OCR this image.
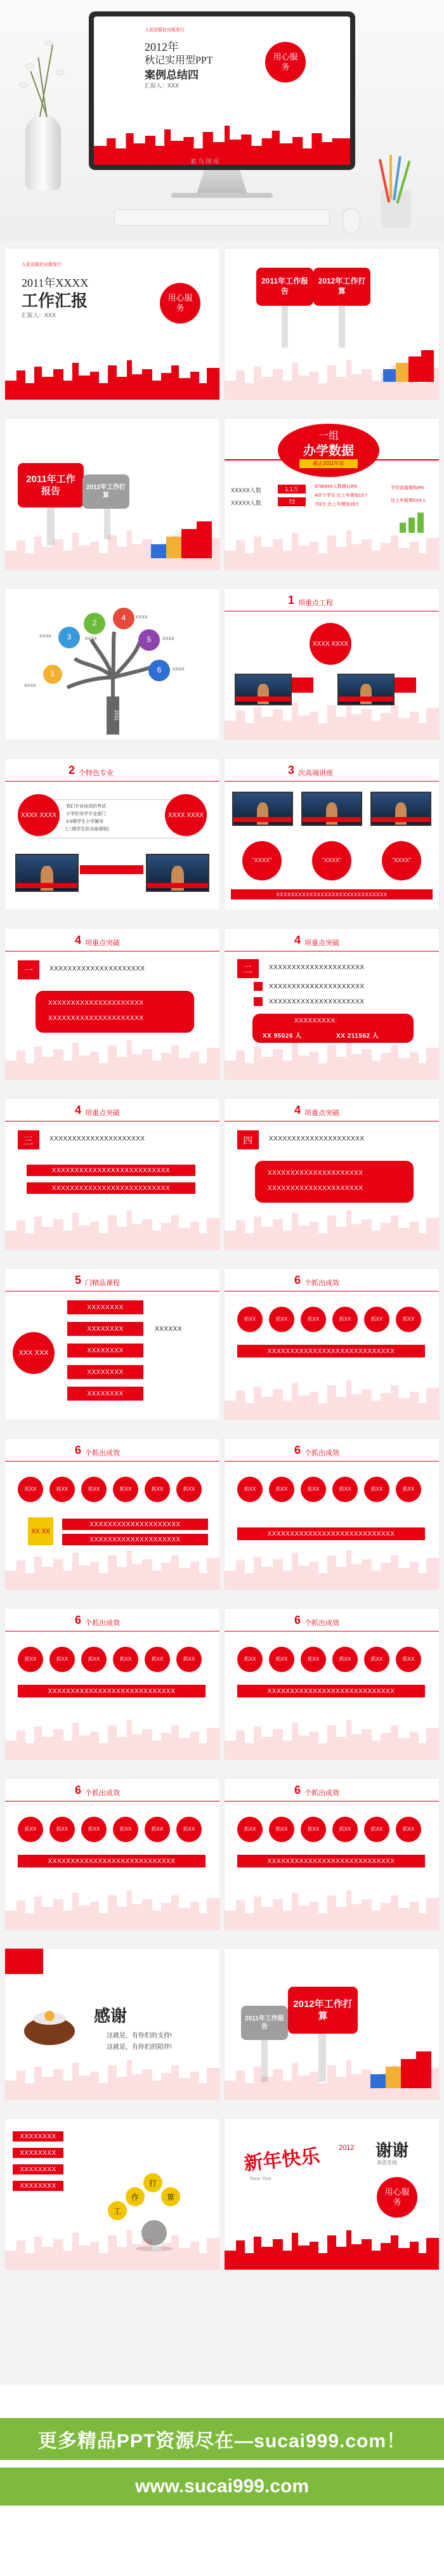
人民出版社出版发行
2012年
秋记实用型PPT
案例总结四
汇报人：XXX
用心服务
素鸟图库
人民出版社出版发行
2011年XXXX
工作汇报
汇报人：XXX
用心服务
2011年工作报告
2012年工作打算
2011年工作报告	2012年工作打算
一组
办学数据
截止2011年底
XXXXX人数	1.1万
XXXXX人数	72
57564XX人数增长8%
437个学生 比上年增加13个
722万 比上年增加19万
平均直接增收4%
比上年新增XXX人
2011
3
2
4
5
6
1
XXXX
XXXX
XXXX
XXXX
XXXX
XXXX
1 项重点工程
XXXX XXXX
2 个特色专业
XXXX XXXX	XXXX XXXX
我们专业培训的考试
小学的导学专业部门
3-9期学生小学辅导
(三期学生的全面课程)
3 次高端讲座
"XXXX"	"XXXX"	"XXXX"
XXXXXXXXXXXXXXXXXXXXXXXXXXXXXX
4 项重点突破
一	XXXXXXXXXXXXXXXXXXXXX
XXXXXXXXXXXXXXXXXXXXX
XXXXXXXXXXXXXXXXXXXXX
4 项重点突破
二	XXXXXXXXXXXXXXXXXXXXX
XXXXXXXXXXXXXXXXXXXXX
XXXXXXXXXXXXXXXXXXXXX
XXXXXXXXX:
XX 95026 人	XX 211562 人
4 项重点突破
三	XXXXXXXXXXXXXXXXXXXXX
XXXXXXXXXXXXXXXXXXXXXXXXXX
XXXXXXXXXXXXXXXXXXXXXXXXXX
4 项重点突破
四	XXXXXXXXXXXXXXXXXXXXX
XXXXXXXXXXXXXXXXXXXXX
XXXXXXXXXXXXXXXXXXXXX
5 门精品课程
XXX XXX
XXXXXXXX
XXXXXXXX
XXXXXXXX
XXXXXXXX
XXXXXXXX
XXXXXX
6 个抓出成效
抓XX	抓XX	抓XX	抓XX	抓XX	抓XX
XXXXXXXXXXXXXXXXXXXXXXXXXXXX
6 个抓出成效
抓XX	抓XX	抓XX	抓XX	抓XX	抓XX
XX XX
XXXXXXXXXXXXXXXXXXXX
XXXXXXXXXXXXXXXXXXXX
6 个抓出成效
抓XX	抓XX	抓XX	抓XX	抓XX	抓XX
XXXXXXXXXXXXXXXXXXXXXXXXXXXX
6 个抓出成效
抓XX	抓XX	抓XX	抓XX	抓XX	抓XX
XXXXXXXXXXXXXXXXXXXXXXXXXXXX
6 个抓出成效
抓XX	抓XX	抓XX	抓XX	抓XX	抓XX
XXXXXXXXXXXXXXXXXXXXXXXXXXXX
6 个抓出成效
抓XX	抓XX	抓XX	抓XX	抓XX	抓XX
XXXXXXXXXXXXXXXXXXXXXXXXXXXX
6 个抓出成效
抓XX	抓XX	抓XX	抓XX	抓XX	抓XX
XXXXXXXXXXXXXXXXXXXXXXXXXXXX
感谢
这就是，有你们的支持!
这就是，有你们的陪伴!
2012年工作打算
2011年工作报告
XXXXXXXX
XXXXXXXX
XXXXXXXX
XXXXXXXX
工
作
打
算
新年快乐	2012
New Year
谢谢
恭喜发财
用心服务
更多精品PPT资源尽在—sucai999.com！
www.sucai999.com
